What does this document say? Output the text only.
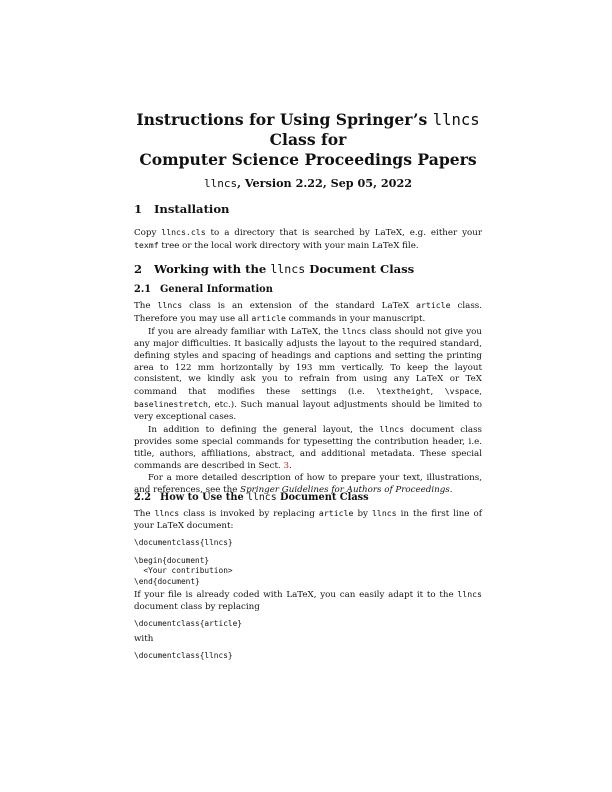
Instructions for Using Springer’s llncs Class for
Computer Science Proceedings Papers
llncs, Version 2.22, Sep 05, 2022
1 Installation

Copy llncs.cls to a directory that is searched by LaTeX, e.g. either your texmf tree or the local work directory with your main LaTeX file.

2 Working with the llncs Document Class
2.1 General Information

The llncs class is an extension of the standard LaTeX article class. Therefore you may use all article commands in your manuscript.

If you are already familiar with LaTeX, the llncs class should not give you any major difficulties. It basically adjusts the layout to the required standard, defining styles and spacing of headings and captions and setting the printing area to 122 mm horizontally by 193 mm vertically. To keep the layout consistent, we kindly ask you to refrain from using any LaTeX or TeX command that modifies these settings (i.e. \textheight, \vspace, baselinestretch, etc.). Such manual layout adjustments should be limited to very exceptional cases.

In addition to defining the general layout, the llncs document class provides some special commands for typesetting the contribution header, i.e. title, authors, affiliations, abstract, and additional metadata. These special commands are described in Sect. 3.

For a more detailed description of how to prepare your text, illustrations, and references, see the Springer Guidelines for Authors of Proceedings.

2.2 How to Use the llncs Document Class

The llncs class is invoked by replacing article by llncs in the first line of your LaTeX document:

\documentclass{llncs}
\begin{document}
<Your contribution>
\end{document}

If your file is already coded with LaTeX, you can easily adapt it to the llncs document class by replacing

\documentclass{article}

with

\documentclass{llncs}
